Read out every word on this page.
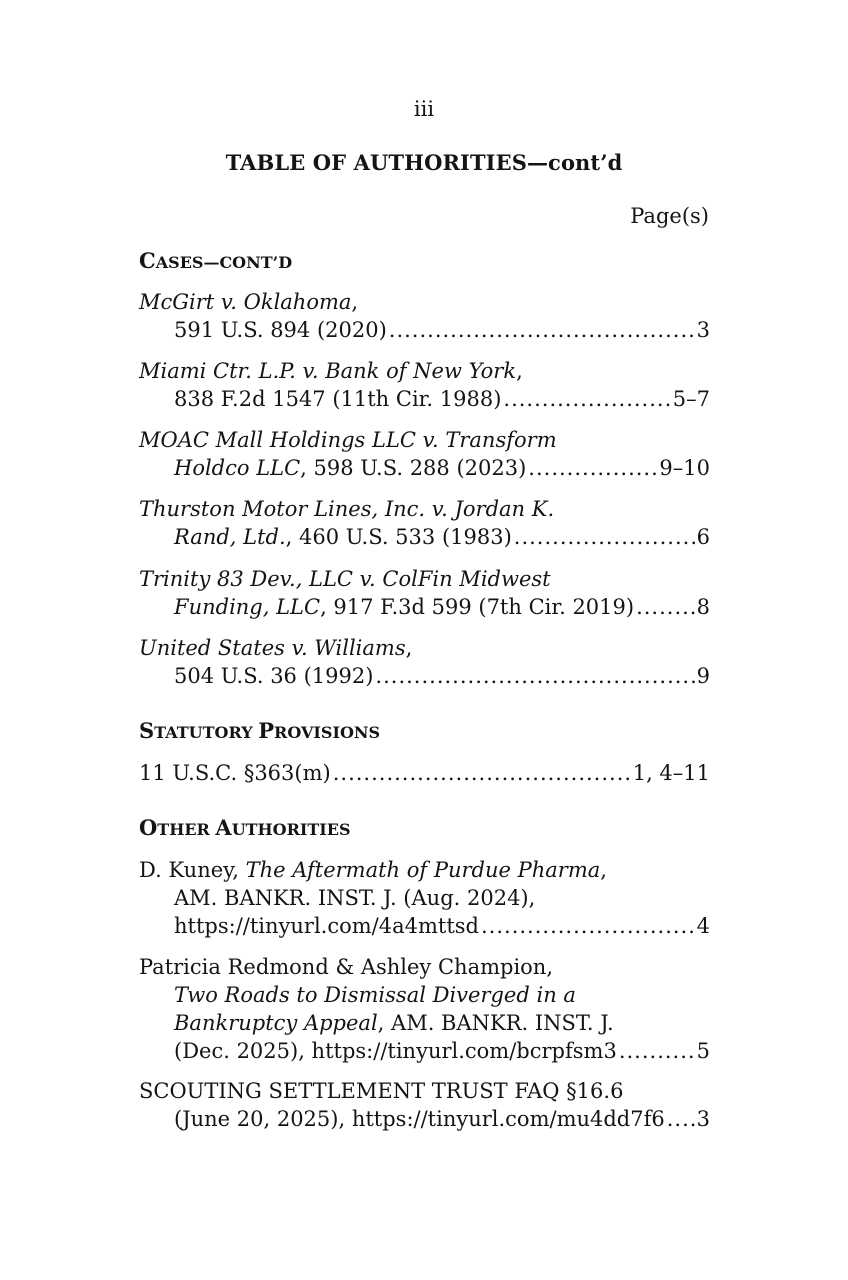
iii
TABLE OF AUTHORITIES—cont’d
Page(s)
CASES—CONT’D
McGirt v. Oklahoma,
591 U.S. 894 (2020) .....	3
Miami Ctr. L.P. v. Bank of New York,
838 F.2d 1547 (11th Cir. 1988) .....	5–7
MOAC Mall Holdings LLC v. Transform
Holdco LLC, 598 U.S. 288 (2023) .....	9–10
Thurston Motor Lines, Inc. v. Jordan K.
Rand, Ltd., 460 U.S. 533 (1983) .....	6
Trinity 83 Dev., LLC v. ColFin Midwest
Funding, LLC, 917 F.3d 599 (7th Cir. 2019) .....	8
United States v. Williams,
504 U.S. 36 (1992) .....	9
STATUTORY PROVISIONS
11 U.S.C. §363(m) .....	1, 4–11
OTHER AUTHORITIES
D. Kuney, The Aftermath of Purdue Pharma,
AM. BANKR. INST. J. (Aug. 2024),
https://tinyurl.com/4a4mttsd .....	4
Patricia Redmond & Ashley Champion,
Two Roads to Dismissal Diverged in a
Bankruptcy Appeal, AM. BANKR. INST. J.
(Dec. 2025), https://tinyurl.com/bcrpfsm3 .....	5
SCOUTING SETTLEMENT TRUST FAQ §16.6
(June 20, 2025), https://tinyurl.com/mu4dd7f6 ..... 3
